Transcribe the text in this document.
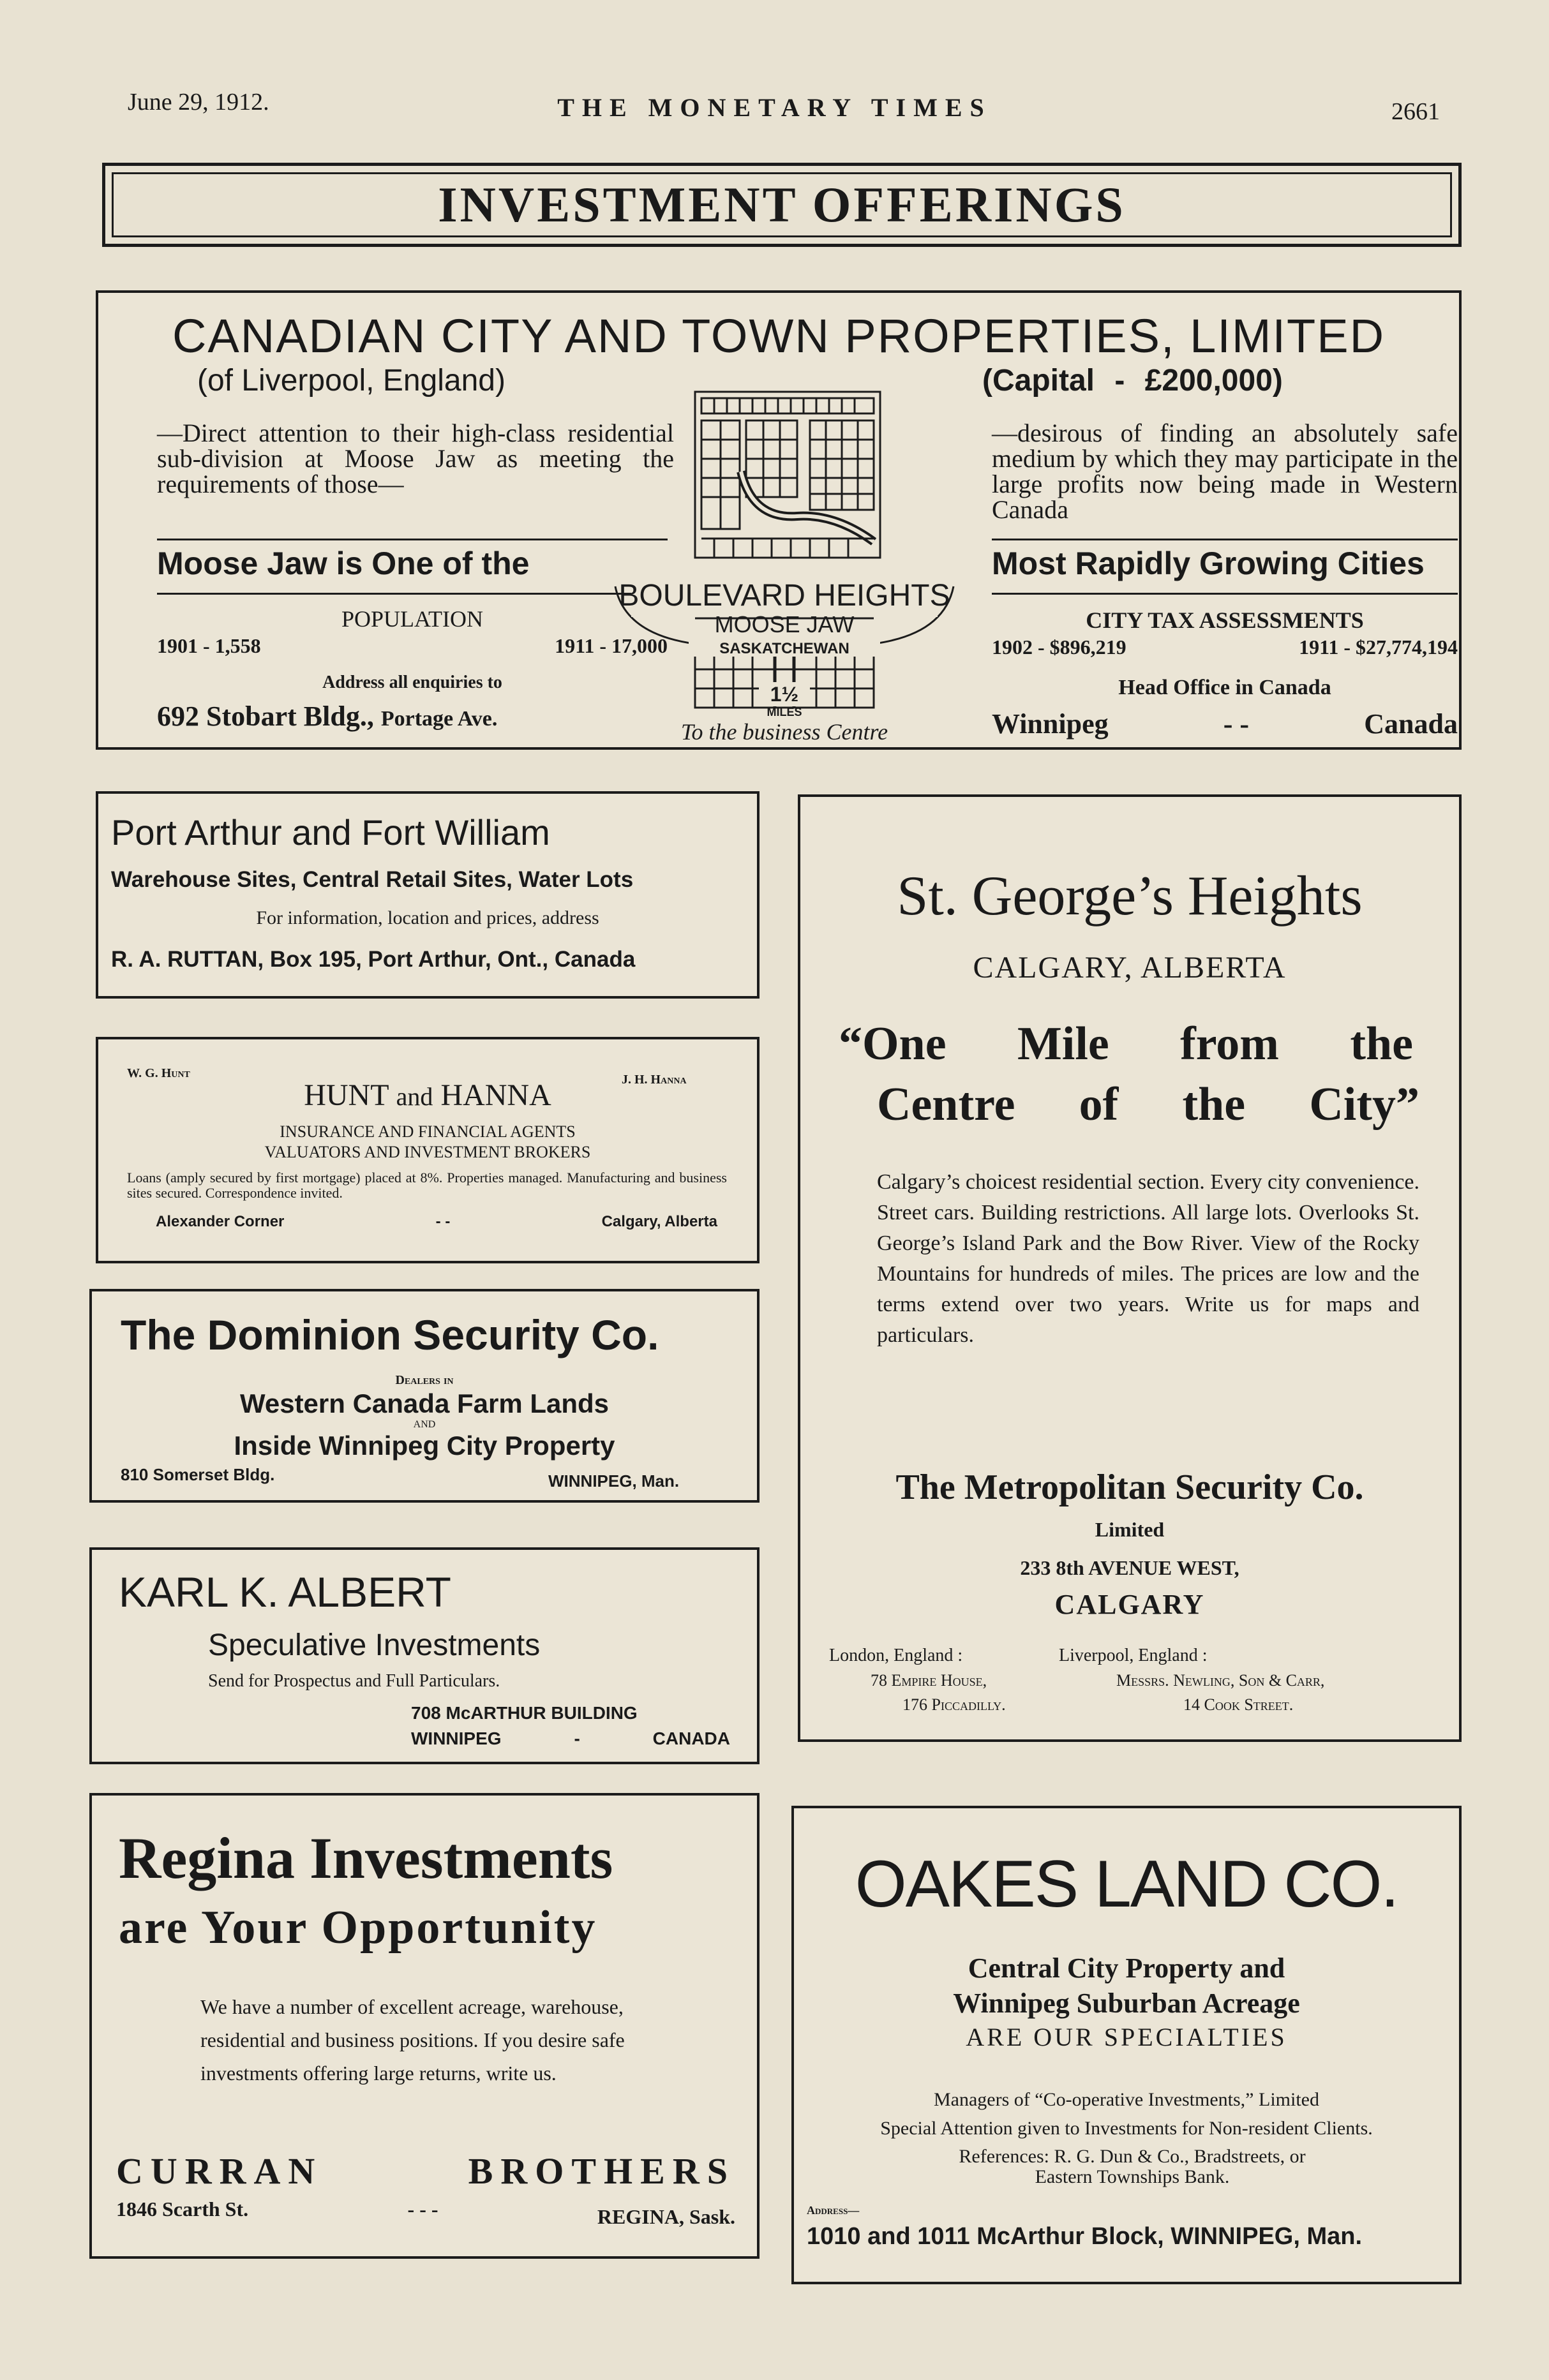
June 29, 1912.	THE MONETARY TIMES	2661
INVESTMENT OFFERINGS
CANADIAN CITY AND TOWN PROPERTIES, LIMITED
(of Liverpool, England)	(Capital - £200,000)
—Direct attention to their high-class residential sub-division at Moose Jaw as meeting the requirements of those—
—desirous of finding an absolutely safe medium by which they may participate in the large profits now being made in Western Canada
Moose Jaw is One of the	Most Rapidly Growing Cities
POPULATION
1901 - 1,558	1911 - 17,000
Address all enquiries to
692 Stobart Bldg., Portage Ave.
CITY TAX ASSESSMENTS
1902 - $896,219	1911 - $27,774,194
Head Office in Canada
Winnipeg	- -	Canada
BOULEVARD HEIGHTS
MOOSE JAW
SASKATCHEWAN
1½
MILES
To the business Centre
Port Arthur and Fort William
Warehouse Sites, Central Retail Sites, Water Lots
For information, location and prices, address
R. A. RUTTAN, Box 195, Port Arthur, Ont., Canada
W. G. Hunt	J. H. Hanna
HUNT and HANNA
INSURANCE AND FINANCIAL AGENTS
VALUATORS AND INVESTMENT BROKERS
Loans (amply secured by first mortgage) placed at 8%. Properties managed. Manufacturing and business sites secured. Correspondence invited.
Alexander Corner	- -	Calgary, Alberta
The Dominion Security Co.
Dealers in
Western Canada Farm Lands
AND
Inside Winnipeg City Property
810 Somerset Bldg.	WINNIPEG, Man.
KARL K. ALBERT
Speculative Investments
Send for Prospectus and Full Particulars.
708 McARTHUR BUILDING
WINNIPEG	-	CANADA
Regina Investments
are Your Opportunity
We have a number of excellent acreage, warehouse, residential and business positions. If you desire safe investments offering large returns, write us.
CURRAN BROTHERS
1846 Scarth St.	- - -	REGINA, Sask.
St. George’s Heights
CALGARY, ALBERTA
“One Mile from the
Centre of the City”
Calgary’s choicest residential section. Every city convenience. Street cars. Building restrictions. All large lots. Overlooks St. George’s Island Park and the Bow River. View of the Rocky Mountains for hundreds of miles. The prices are low and the terms extend over two years. Write us for maps and particulars.
The Metropolitan Security Co.
Limited
233 8th AVENUE WEST,
CALGARY
London, England :
78 Empire House,
176 Piccadilly.
Liverpool, England :
Messrs. Newling, Son & Carr,
14 Cook Street.
OAKES LAND CO.
Central City Property and
Winnipeg Suburban Acreage
ARE OUR SPECIALTIES
Managers of “Co-operative Investments,” Limited
Special Attention given to Investments for Non-resident Clients.
References: R. G. Dun & Co., Bradstreets, or Eastern Townships Bank.
Address—
1010 and 1011 McArthur Block, WINNIPEG, Man.
